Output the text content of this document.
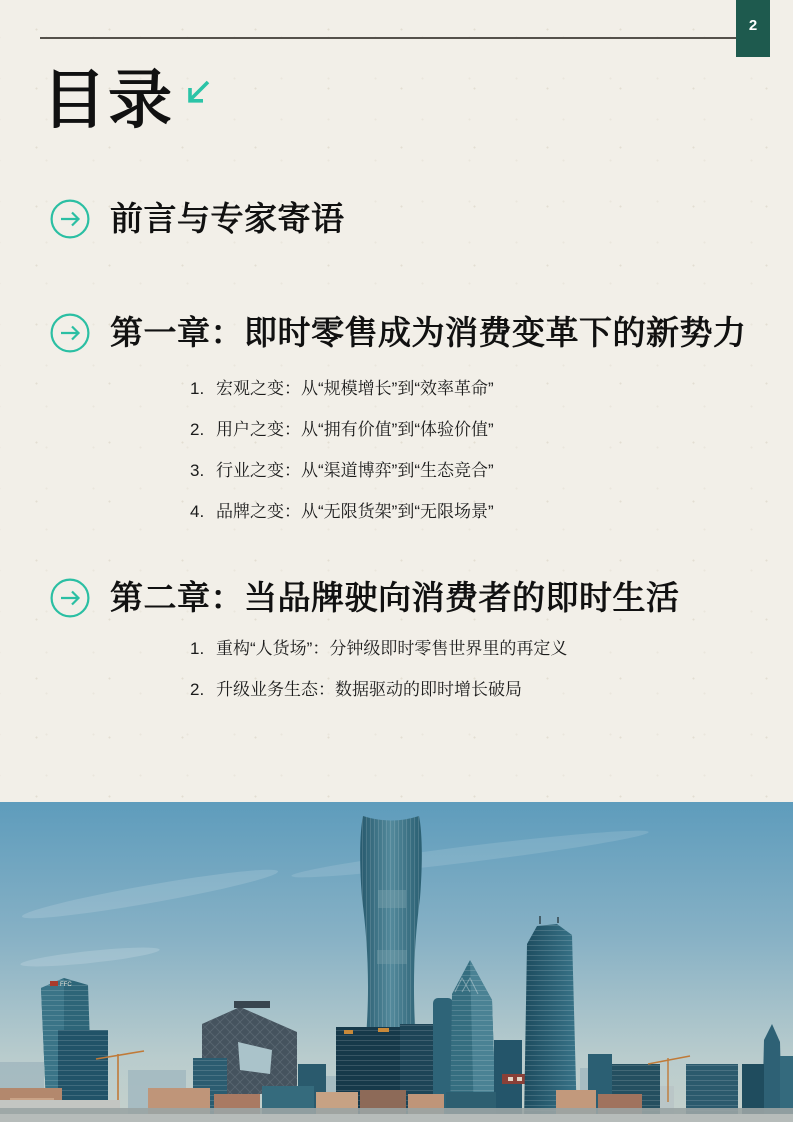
2
目录
前言与专家寄语
第一章：即时零售成为消费变革下的新势力
1. 宏观之变：从“规模增长”到“效率革命”
2. 用户之变：从“拥有价值”到“体验价值”
3. 行业之变：从“渠道博弈”到“生态竞合”
4. 品牌之变：从“无限货架”到“无限场景”
第二章：当品牌驶向消费者的即时生活
1. 重构“人货场”：分钟级即时零售世界里的再定义
2. 升级业务生态：数据驱动的即时增长破局
FFC
